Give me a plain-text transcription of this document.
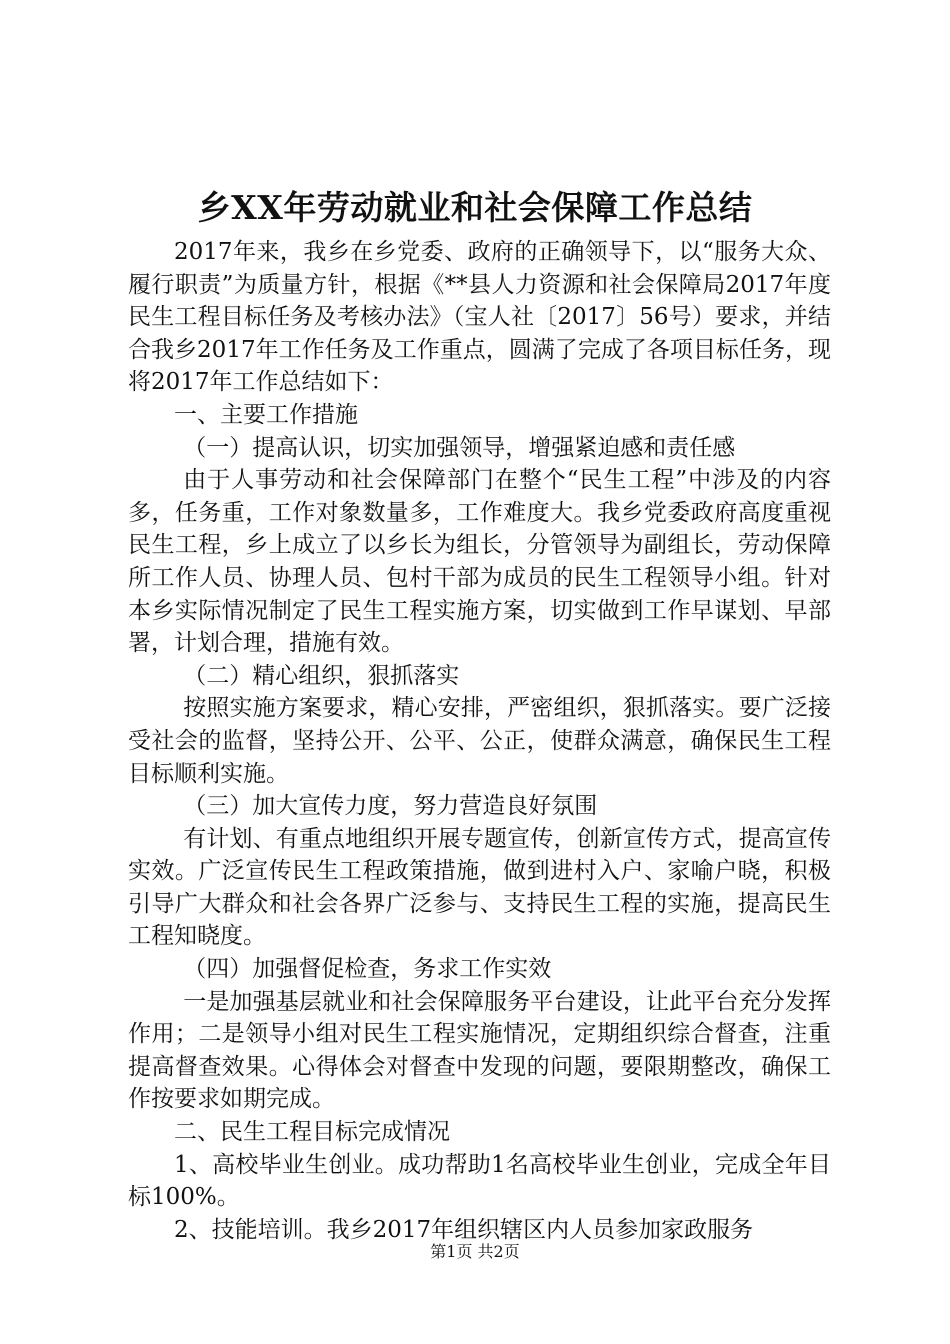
乡XX年劳动就业和社会保障工作总结

2017年来，我乡在乡党委、政府的正确领导下，以“服务大众、履行职责”为质量方针，根据《**县人力资源和社会保障局2017年度民生工程目标任务及考核办法》（宝人社〔2017〕56号）要求，并结合我乡2017年工作任务及工作重点，圆满了完成了各项目标任务，现将2017年工作总结如下：

一、主要工作措施

（一）提高认识，切实加强领导，增强紧迫感和责任感

由于人事劳动和社会保障部门在整个“民生工程”中涉及的内容多，任务重，工作对象数量多，工作难度大。我乡党委政府高度重视民生工程，乡上成立了以乡长为组长，分管领导为副组长，劳动保障所工作人员、协理人员、包村干部为成员的民生工程领导小组。针对本乡实际情况制定了民生工程实施方案，切实做到工作早谋划、早部署，计划合理，措施有效。

（二）精心组织，狠抓落实

按照实施方案要求，精心安排，严密组织，狠抓落实。要广泛接受社会的监督，坚持公开、公平、公正，使群众满意，确保民生工程目标顺利实施。

（三）加大宣传力度，努力营造良好氛围

有计划、有重点地组织开展专题宣传，创新宣传方式，提高宣传实效。广泛宣传民生工程政策措施，做到进村入户、家喻户晓，积极引导广大群众和社会各界广泛参与、支持民生工程的实施，提高民生工程知晓度。

（四）加强督促检查，务求工作实效

一是加强基层就业和社会保障服务平台建设，让此平台充分发挥作用；二是领导小组对民生工程实施情况，定期组织综合督查，注重提高督查效果。心得体会对督查中发现的问题，要限期整改，确保工作按要求如期完成。

二、民生工程目标完成情况

1、高校毕业生创业。成功帮助1名高校毕业生创业，完成全年目标100%。

2、技能培训。我乡2017年组织辖区内人员参加家政服务

第1页 共2页
